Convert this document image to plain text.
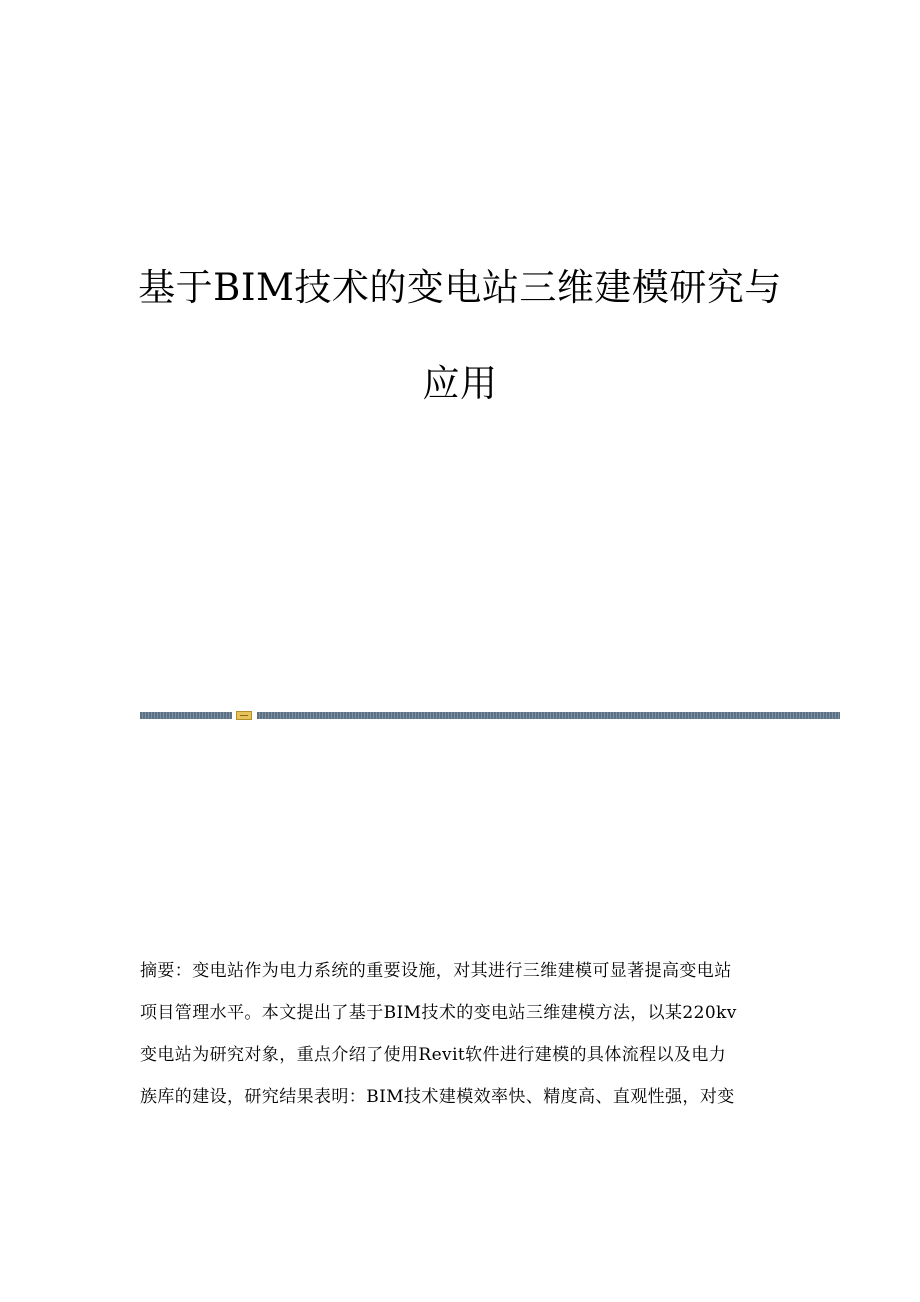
基于BIM技术的变电站三维建模研究与
应用
摘要：变电站作为电力系统的重要设施，对其进行三维建模可显著提高变电站
项目管理水平。本文提出了基于BIM技术的变电站三维建模方法，以某220kv
变电站为研究对象，重点介绍了使用Revit软件进行建模的具体流程以及电力
族库的建设，研究结果表明：BIM技术建模效率快、精度高、直观性强，对变
